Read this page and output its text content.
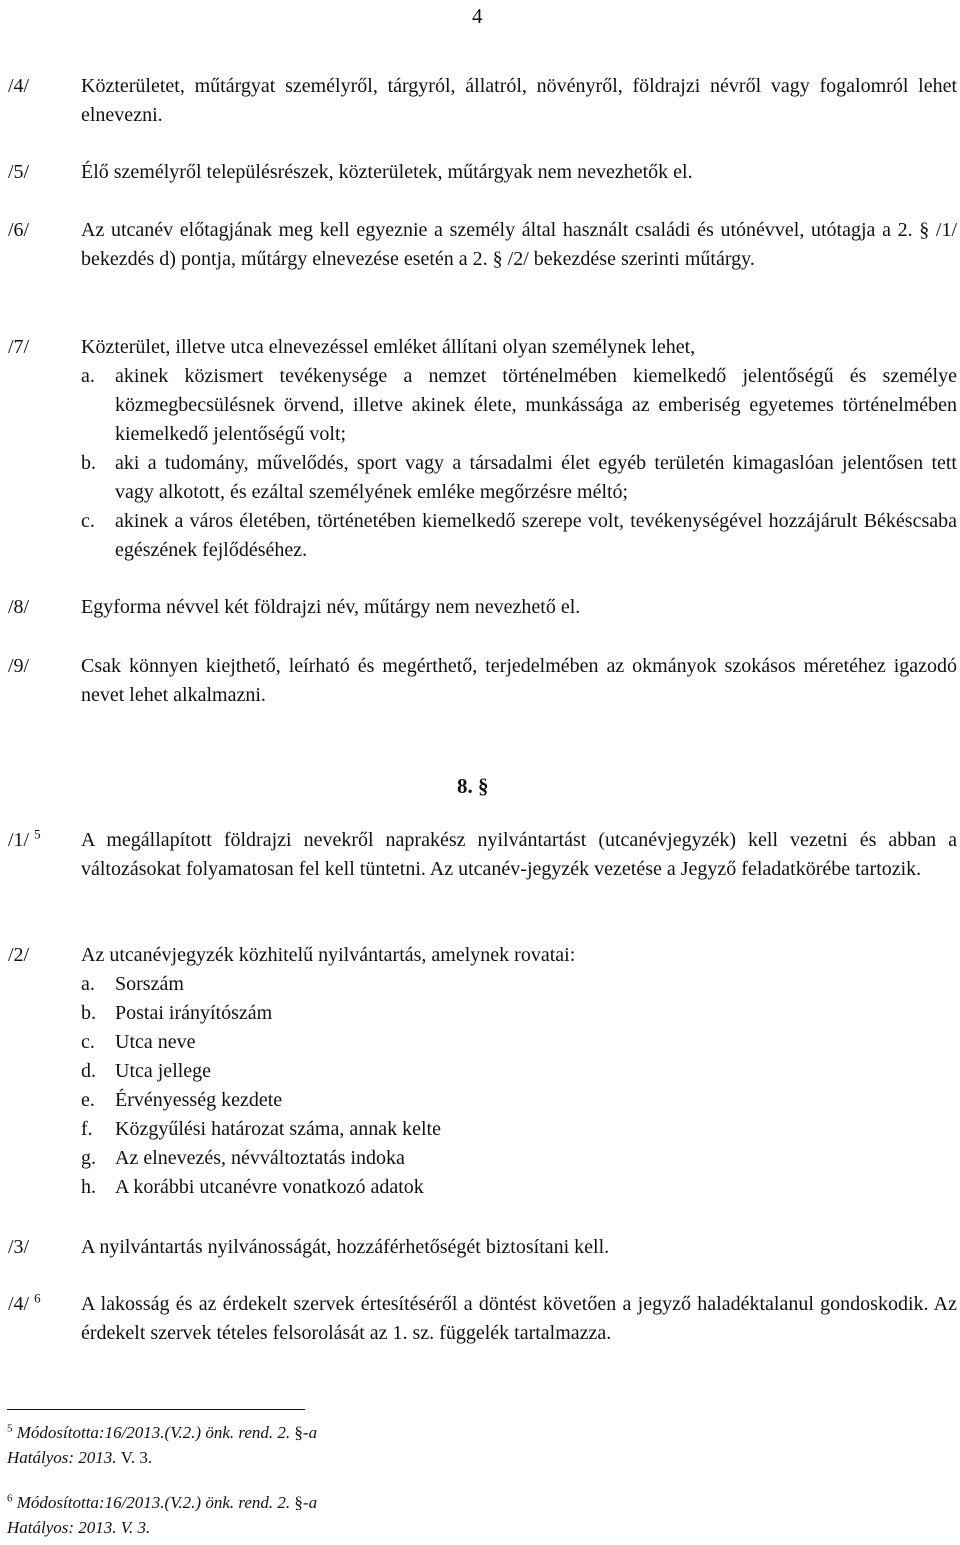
4
/4/	Közterületet, műtárgyat személyről, tárgyról, állatról, növényről, földrajzi névről vagy fogalomról lehet elnevezni.
/5/	Élő személyről településrészek, közterületek, műtárgyak nem nevezhetők el.
/6/	Az utcanév előtagjának meg kell egyeznie a személy által használt családi és utónévvel, utótagja a 2. § /1/ bekezdés d) pontja, műtárgy elnevezése esetén a 2. § /2/ bekezdése szerinti műtárgy.
/7/	Közterület, illetve utca elnevezéssel emléket állítani olyan személynek lehet,
a. akinek közismert tevékenysége a nemzet történelmében kiemelkedő jelentőségű és személye közmegbecsülésnek örvend, illetve akinek élete, munkássága az emberiség egyetemes történelmében kiemelkedő jelentőségű volt;
b. aki a tudomány, művelődés, sport vagy a társadalmi élet egyéb területén kimagaslóan jelentősen tett vagy alkotott, és ezáltal személyének emléke megőrzésre méltó;
c. akinek a város életében, történetében kiemelkedő szerepe volt, tevékenységével hozzájárult Békéscsaba egészének fejlődéséhez.
/8/	Egyforma névvel két földrajzi név, műtárgy nem nevezhető el.
/9/	Csak könnyen kiejthető, leírható és megérthető, terjedelmében az okmányok szokásos méretéhez igazodó nevet lehet alkalmazni.
8. §
/1/ $^5$ A megállapított földrajzi nevekről naprakész nyilvántartást (utcanévjegyzék) kell vezetni és abban a változásokat folyamatosan fel kell tüntetni. Az utcanév-jegyzék vezetése a Jegyző feladatkörébe tartozik.
/2/	Az utcanévjegyzék közhitelű nyilvántartás, amelynek rovatai:
a. Sorszám
b. Postai irányítószám
c. Utca neve
d. Utca jellege
e. Érvényesség kezdete
f. Közgyűlési határozat száma, annak kelte
g. Az elnevezés, névváltoztatás indoka
h. A korábbi utcanévre vonatkozó adatok
/3/	A nyilvántartás nyilvánosságát, hozzáférhetőségét biztosítani kell.
/4/ $^6$ A lakosság és az érdekelt szervek értesítéséről a döntést követően a jegyző haladéktalanul gondoskodik. Az érdekelt szervek tételes felsorolását az 1. sz. függelék tartalmazza.
$^5$ Módosította:16/2013.(V.2.) önk. rend. 2. §-a
Hatályos: 2013. V. 3.
$^6$ Módosította:16/2013.(V.2.) önk. rend. 2. §-a
Hatályos: 2013. V. 3.
